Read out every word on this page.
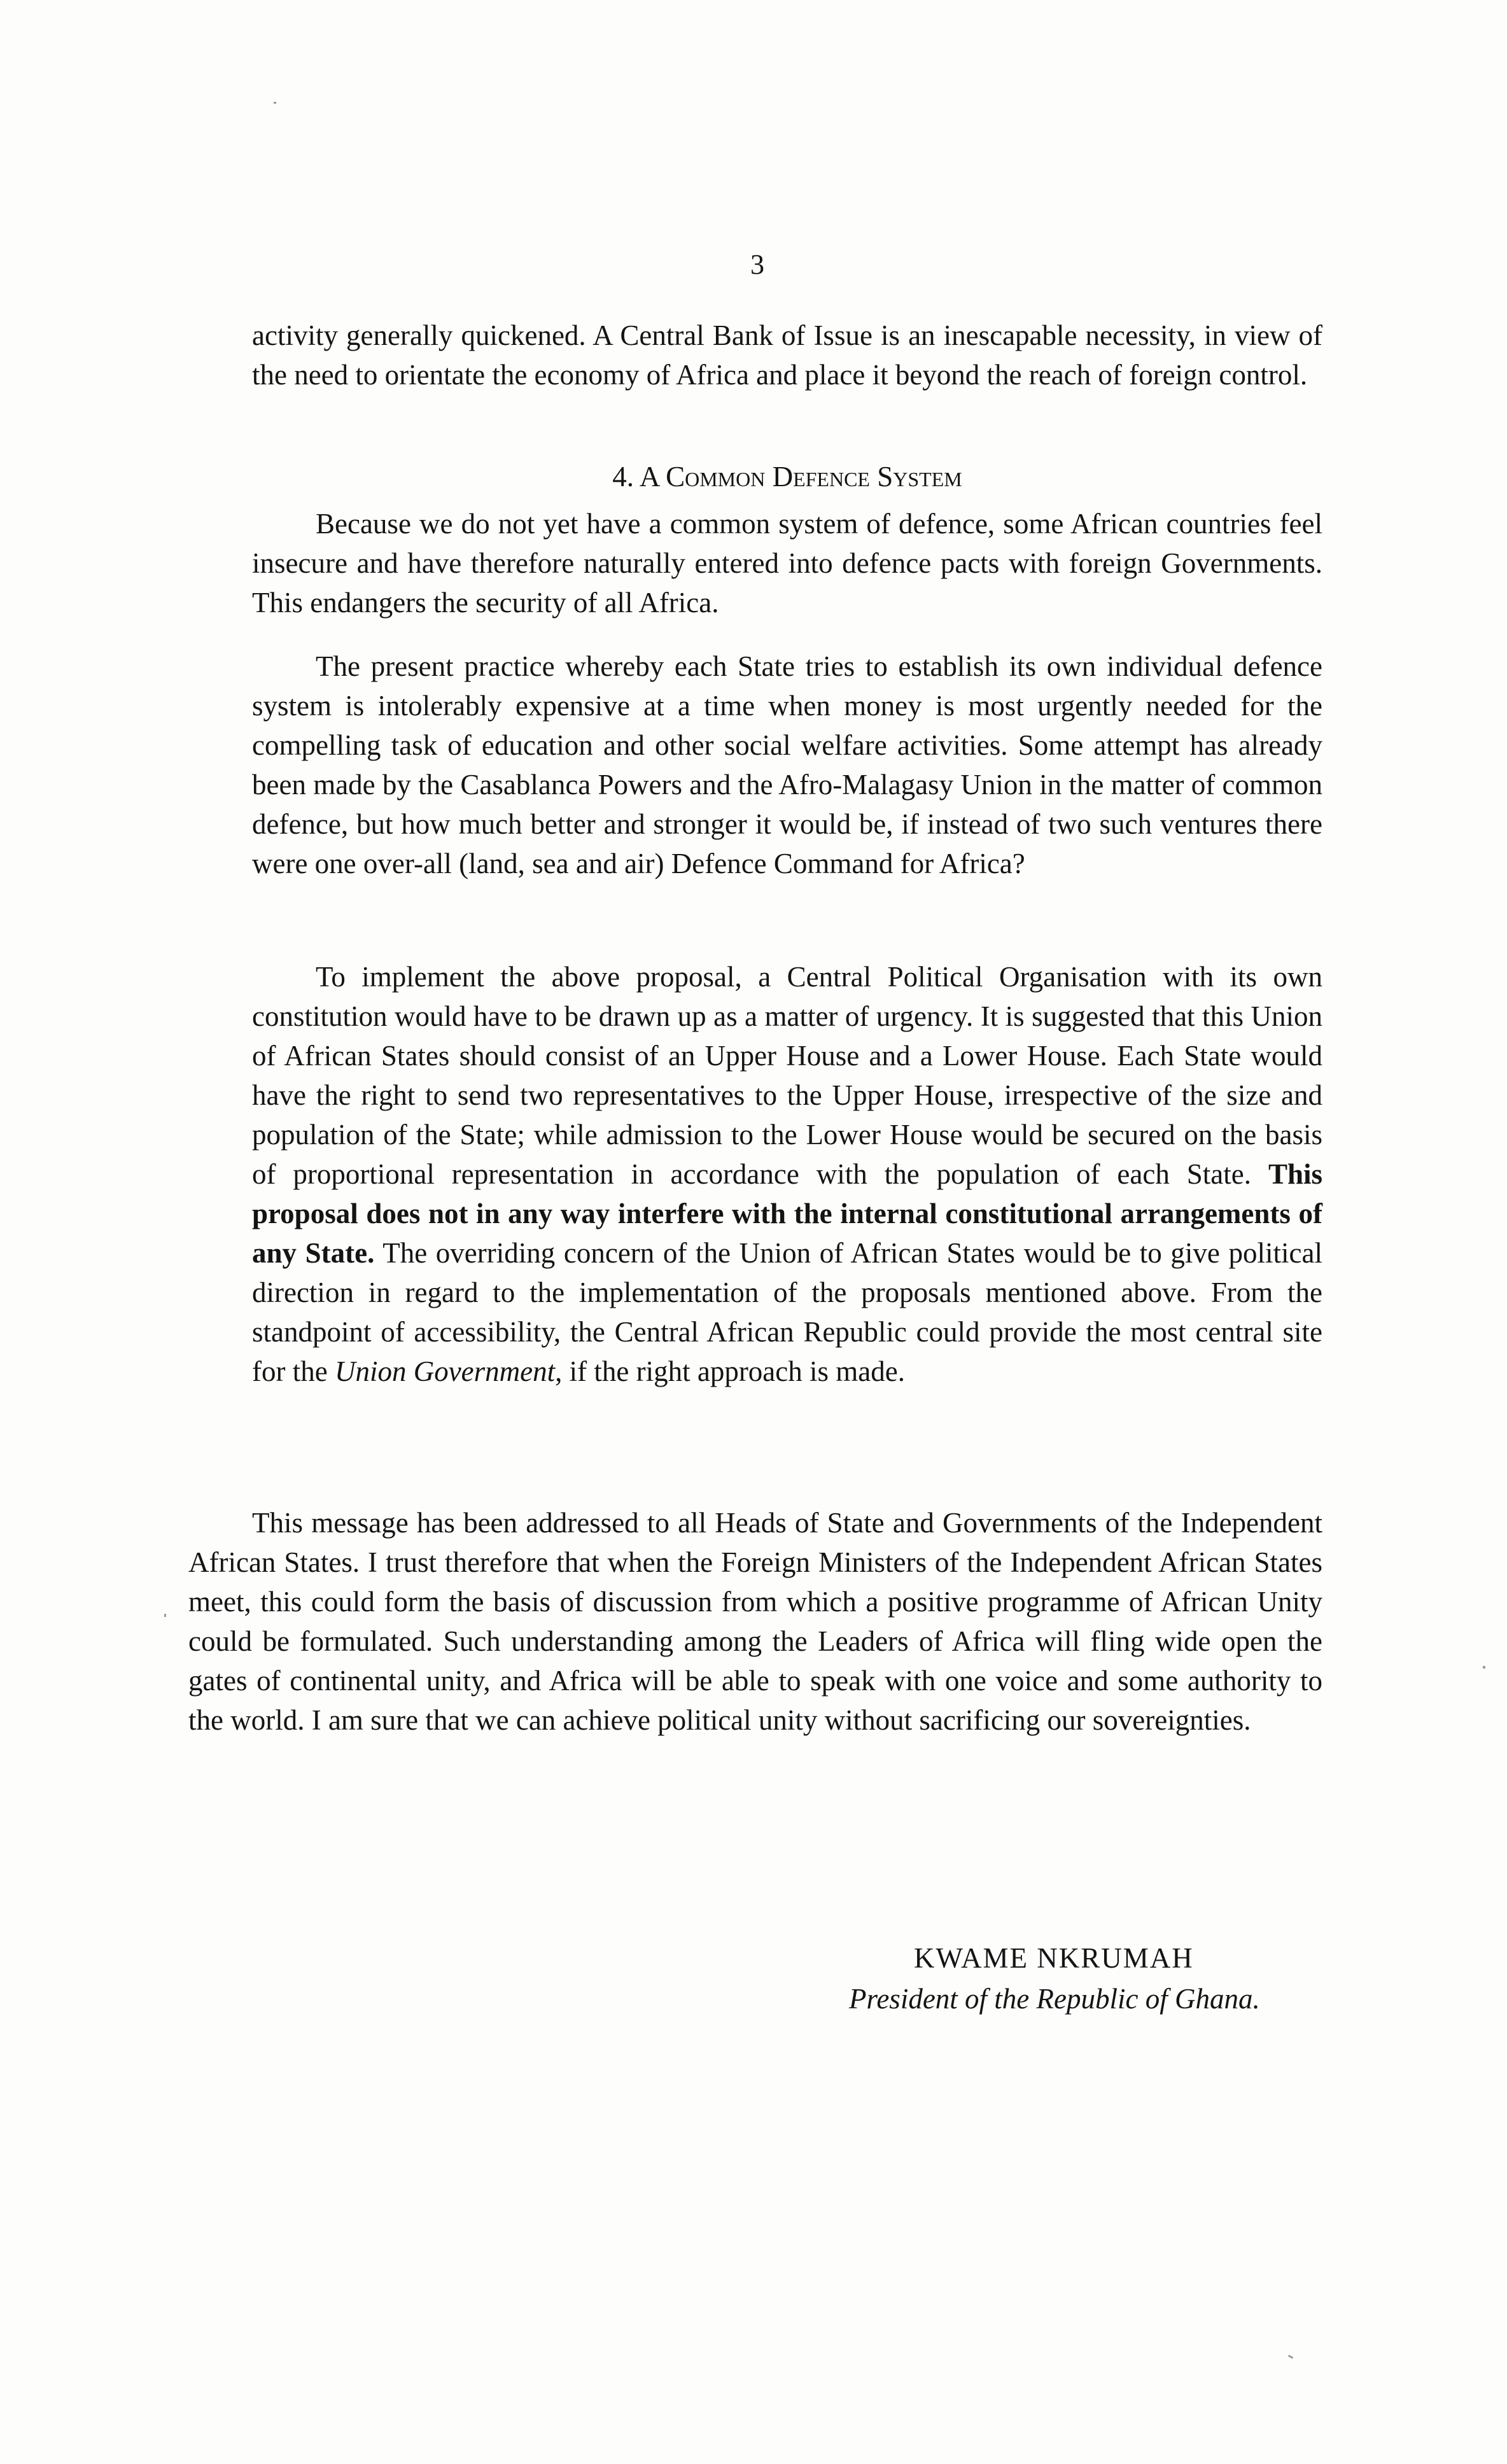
3

activity generally quickened. A Central Bank of Issue is an inescapable necessity, in view of the need to orientate the economy of Africa and place it beyond the reach of foreign control.

4. A Common Defence System

Because we do not yet have a common system of defence, some African countries feel insecure and have therefore naturally entered into defence pacts with foreign Governments. This endangers the security of all Africa.

The present practice whereby each State tries to establish its own individual defence system is intolerably expensive at a time when money is most urgently needed for the compelling task of education and other social welfare activities. Some attempt has already been made by the Casablanca Powers and the Afro-Malagasy Union in the matter of common defence, but how much better and stronger it would be, if instead of two such ventures there were one over-all (land, sea and air) Defence Command for Africa?

To implement the above proposal, a Central Political Organisation with its own constitution would have to be drawn up as a matter of urgency. It is suggested that this Union of African States should consist of an Upper House and a Lower House. Each State would have the right to send two representatives to the Upper House, irrespective of the size and population of the State; while admission to the Lower House would be secured on the basis of proportional representation in accordance with the population of each State. This proposal does not in any way interfere with the internal constitutional arrangements of any State. The overriding concern of the Union of African States would be to give political direction in regard to the implementation of the proposals mentioned above. From the standpoint of accessibility, the Central African Republic could provide the most central site for the Union Government, if the right approach is made.

This message has been addressed to all Heads of State and Governments of the Independent African States. I trust therefore that when the Foreign Ministers of the Independent African States meet, this could form the basis of discussion from which a positive programme of African Unity could be formulated. Such understanding among the Leaders of Africa will fling wide open the gates of continental unity, and Africa will be able to speak with one voice and some authority to the world. I am sure that we can achieve political unity without sacrificing our sovereignties.

KWAME NKRUMAH

President of the Republic of Ghana.
